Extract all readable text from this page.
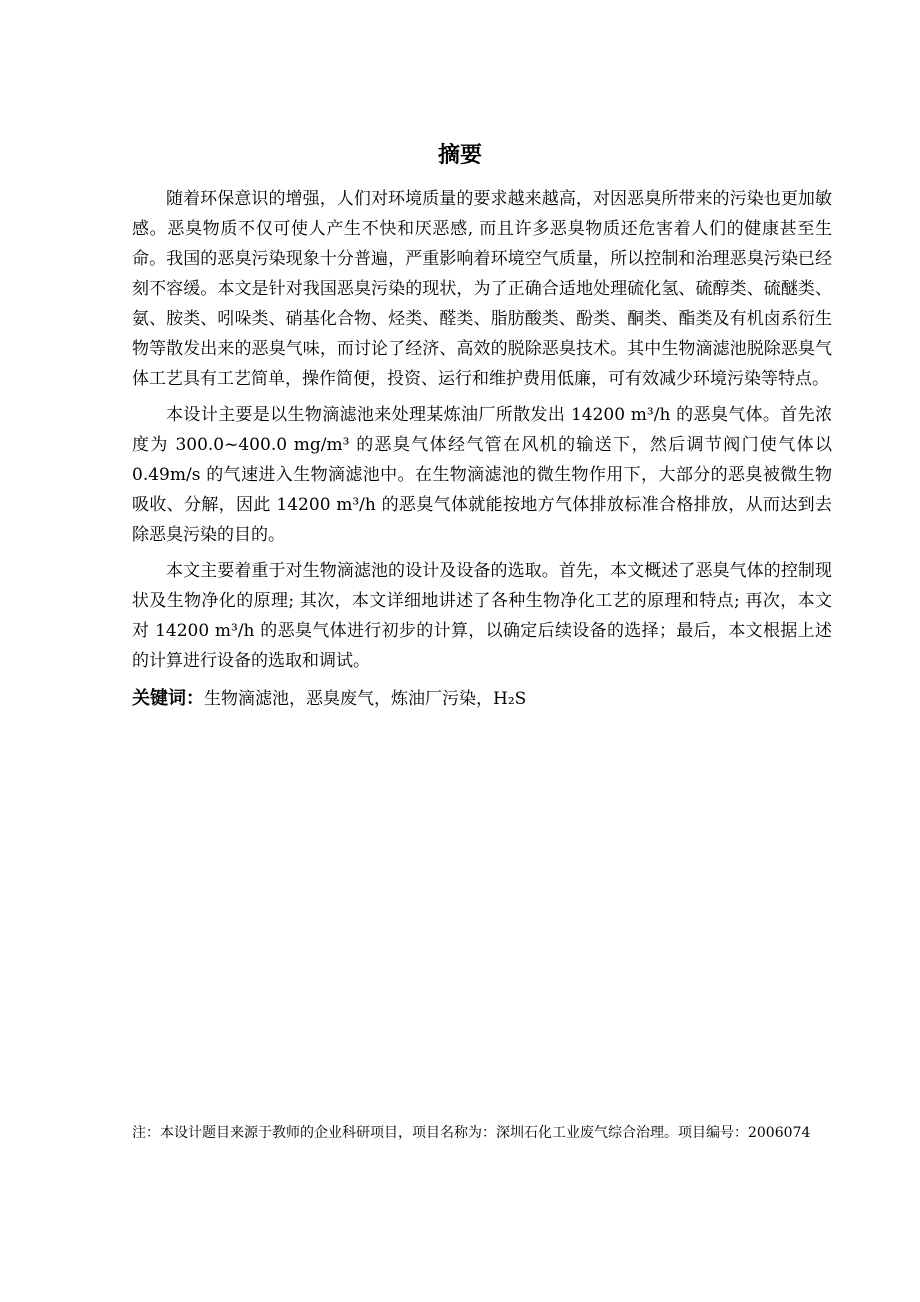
摘要

随着环保意识的增强，人们对环境质量的要求越来越高，对因恶臭所带来的污染也更加敏感。恶臭物质不仅可使人产生不快和厌恶感, 而且许多恶臭物质还危害着人们的健康甚至生命。我国的恶臭污染现象十分普遍，严重影响着环境空气质量，所以控制和治理恶臭污染已经刻不容缓。本文是针对我国恶臭污染的现状，为了正确合适地处理硫化氢、硫醇类、硫醚类、氨、胺类、吲哚类、硝基化合物、烃类、醛类、脂肪酸类、酚类、酮类、酯类及有机卤系衍生物等散发出来的恶臭气味，而讨论了经济、高效的脱除恶臭技术。其中生物滴滤池脱除恶臭气体工艺具有工艺简单，操作简便，投资、运行和维护费用低廉，可有效减少环境污染等特点。

本设计主要是以生物滴滤池来处理某炼油厂所散发出 14200 m³/h 的恶臭气体。首先浓度为 300.0~400.0 mg/m³ 的恶臭气体经气管在风机的输送下，然后调节阀门使气体以 0.49m/s 的气速进入生物滴滤池中。在生物滴滤池的微生物作用下，大部分的恶臭被微生物吸收、分解，因此 14200 m³/h 的恶臭气体就能按地方气体排放标准合格排放，从而达到去除恶臭污染的目的。

本文主要着重于对生物滴滤池的设计及设备的选取。首先，本文概述了恶臭气体的控制现状及生物净化的原理; 其次，本文详细地讲述了各种生物净化工艺的原理和特点; 再次，本文对 14200 m³/h 的恶臭气体进行初步的计算，以确定后续设备的选择；最后，本文根据上述的计算进行设备的选取和调试。

关键词：生物滴滤池，恶臭废气，炼油厂污染，H₂S
注：本设计题目来源于教师的企业科研项目，项目名称为：深圳石化工业废气综合治理。项目编号：2006074
